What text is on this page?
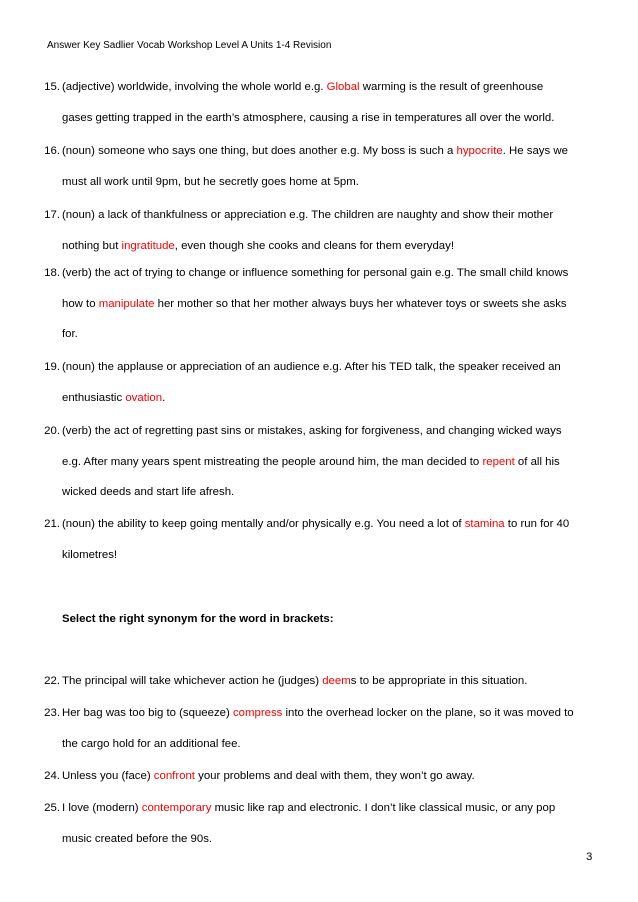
Answer Key Sadlier Vocab Workshop Level A Units 1-4 Revision
15. (adjective) worldwide, involving the whole world e.g. Global warming is the result of greenhouse
gases getting trapped in the earth’s atmosphere, causing a rise in temperatures all over the world.
16. (noun) someone who says one thing, but does another e.g. My boss is such a hypocrite. He says we
must all work until 9pm, but he secretly goes home at 5pm.
17. (noun) a lack of thankfulness or appreciation e.g. The children are naughty and show their mother
nothing but ingratitude, even though she cooks and cleans for them everyday!
18. (verb) the act of trying to change or influence something for personal gain e.g. The small child knows
how to manipulate her mother so that her mother always buys her whatever toys or sweets she asks
for.
19. (noun) the applause or appreciation of an audience e.g. After his TED talk, the speaker received an
enthusiastic ovation.
20. (verb) the act of regretting past sins or mistakes, asking for forgiveness, and changing wicked ways
e.g. After many years spent mistreating the people around him, the man decided to repent of all his
wicked deeds and start life afresh.
21. (noun) the ability to keep going mentally and/or physically e.g. You need a lot of stamina to run for 40
kilometres!
22. The principal will take whichever action he (judges) deems to be appropriate in this situation.
23. Her bag was too big to (squeeze) compress into the overhead locker on the plane, so it was moved to
the cargo hold for an additional fee.
24. Unless you (face) confront your problems and deal with them, they won’t go away.
25. I love (modern) contemporary music like rap and electronic. I don’t like classical music, or any pop
music created before the 90s.
Select the right synonym for the word in brackets:
3
